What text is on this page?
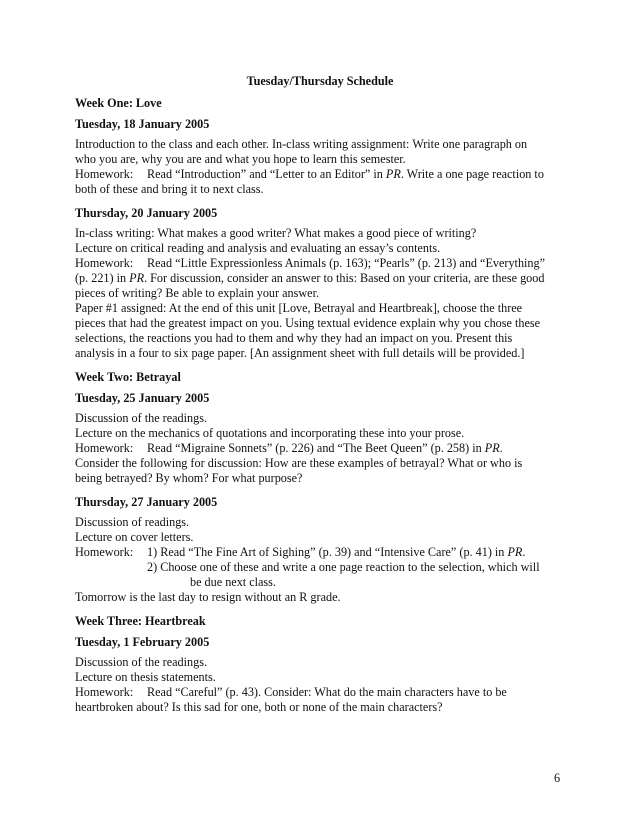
Tuesday/Thursday Schedule
Week One: Love
Tuesday, 18 January 2005
Introduction to the class and each other. In-class writing assignment: Write one paragraph on
who you are, why you are and what you hope to learn this semester.
Homework: Read “Introduction” and “Letter to an Editor” in PR. Write a one page reaction to
both of these and bring it to next class.
Thursday, 20 January 2005
In-class writing: What makes a good writer? What makes a good piece of writing?
Lecture on critical reading and analysis and evaluating an essay’s contents.
Homework: Read “Little Expressionless Animals (p. 163); “Pearls” (p. 213) and “Everything”
(p. 221) in PR. For discussion, consider an answer to this: Based on your criteria, are these good
pieces of writing? Be able to explain your answer.
Paper #1 assigned: At the end of this unit [Love, Betrayal and Heartbreak], choose the three
pieces that had the greatest impact on you. Using textual evidence explain why you chose these
selections, the reactions you had to them and why they had an impact on you. Present this
analysis in a four to six page paper. [An assignment sheet with full details will be provided.]
Week Two: Betrayal
Tuesday, 25 January 2005
Discussion of the readings.
Lecture on the mechanics of quotations and incorporating these into your prose.
Homework: Read “Migraine Sonnets” (p. 226) and “The Beet Queen” (p. 258) in PR.
Consider the following for discussion: How are these examples of betrayal? What or who is
being betrayed? By whom? For what purpose?
Thursday, 27 January 2005
Discussion of readings.
Lecture on cover letters.
Homework: 1) Read “The Fine Art of Sighing” (p. 39) and “Intensive Care” (p. 41) in PR.
2) Choose one of these and write a one page reaction to the selection, which will
be due next class.
Tomorrow is the last day to resign without an R grade.
Week Three: Heartbreak
Tuesday, 1 February 2005
Discussion of the readings.
Lecture on thesis statements.
Homework: Read “Careful” (p. 43). Consider: What do the main characters have to be
heartbroken about? Is this sad for one, both or none of the main characters?
6
